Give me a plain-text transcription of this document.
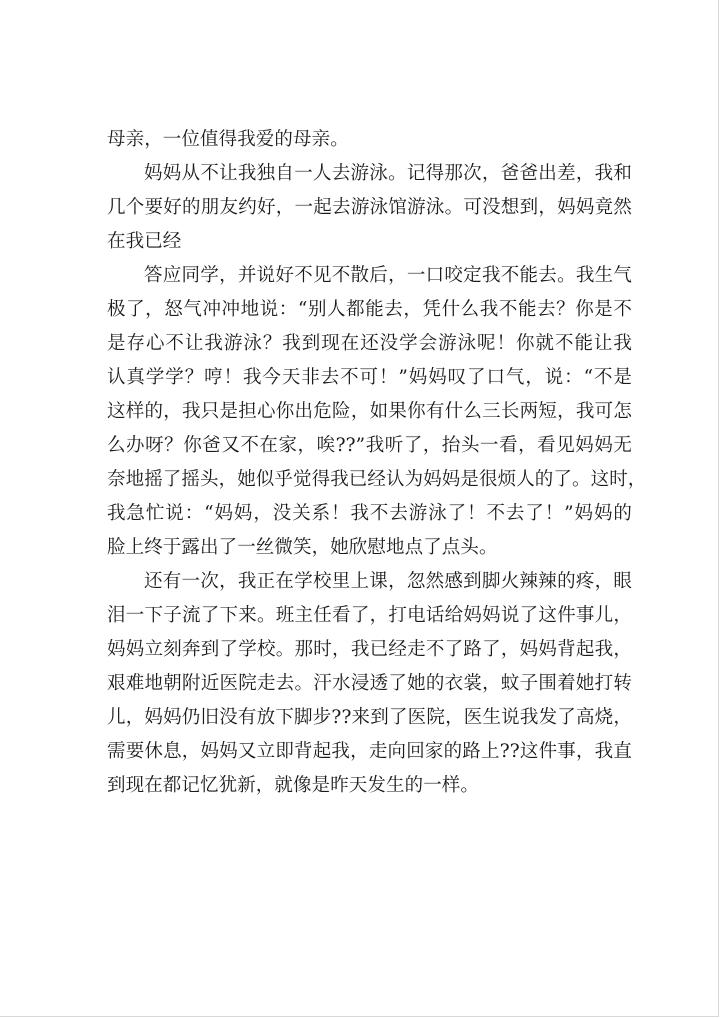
母亲，一位值得我爱的母亲。
妈妈从不让我独自一人去游泳。记得那次，爸爸出差，我和
几个要好的朋友约好，一起去游泳馆游泳。可没想到，妈妈竟然
在我已经
答应同学，并说好不见不散后，一口咬定我不能去。我生气
极了，怒气冲冲地说：“别人都能去，凭什么我不能去？你是不
是存心不让我游泳？我到现在还没学会游泳呢！你就不能让我
认真学学？哼！我今天非去不可！”妈妈叹了口气，说：“不是
这样的，我只是担心你出危险，如果你有什么三长两短，我可怎
么办呀？你爸又不在家，唉??”我听了，抬头一看，看见妈妈无
奈地摇了摇头，她似乎觉得我已经认为妈妈是很烦人的了。这时，
我急忙说：“妈妈，没关系！我不去游泳了！不去了！”妈妈的
脸上终于露出了一丝微笑，她欣慰地点了点头。
还有一次，我正在学校里上课，忽然感到脚火辣辣的疼，眼
泪一下子流了下来。班主任看了，打电话给妈妈说了这件事儿，
妈妈立刻奔到了学校。那时，我已经走不了路了，妈妈背起我，
艰难地朝附近医院走去。汗水浸透了她的衣裳，蚊子围着她打转
儿，妈妈仍旧没有放下脚步??来到了医院，医生说我发了高烧，
需要休息，妈妈又立即背起我，走向回家的路上??这件事，我直
到现在都记忆犹新，就像是昨天发生的一样。
